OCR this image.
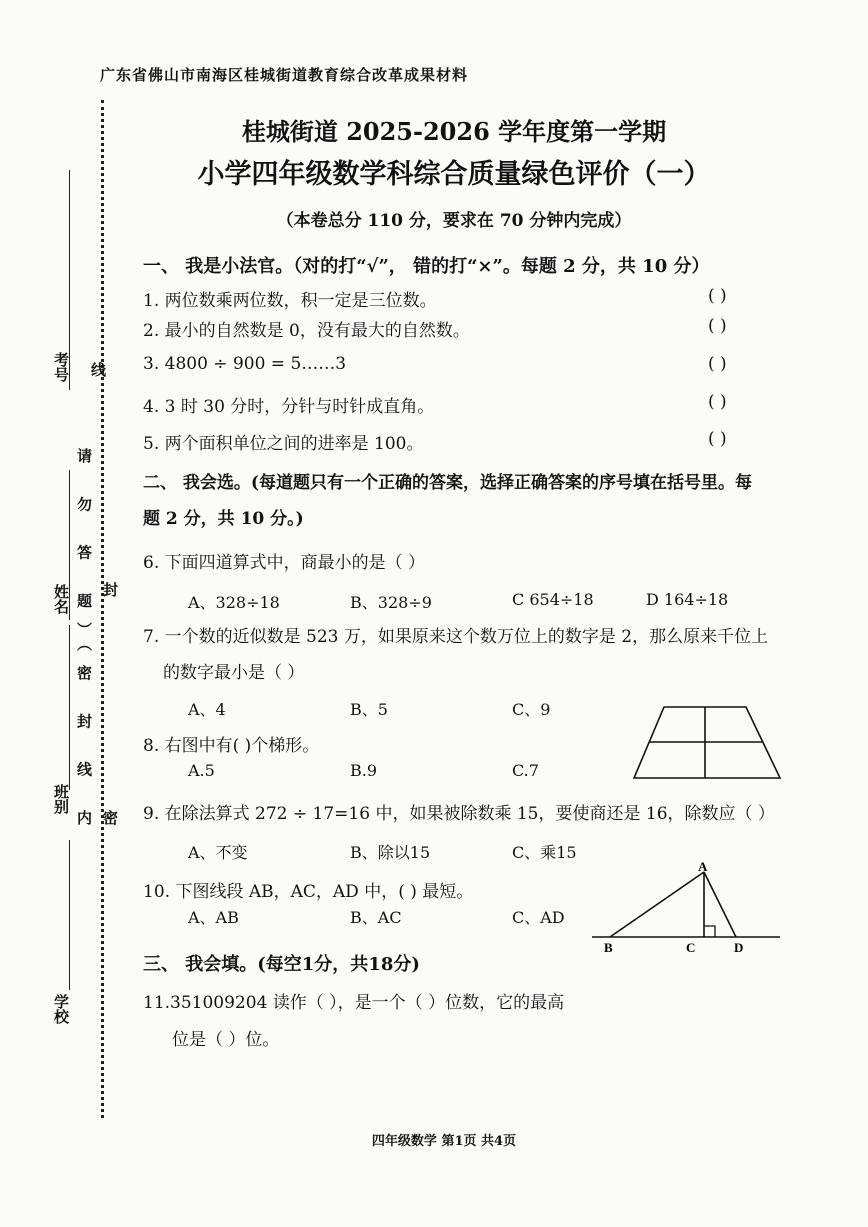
广东省佛山市南海区桂城街道教育综合改革成果材料
桂城街道 2025-2026 学年度第一学期
小学四年级数学科综合质量绿色评价（一）
（本卷总分 110 分，要求在 70 分钟内完成）
考号
姓名
班别
学校
线
封
密
请 勿 答 题）
（密 封 线 内
一、 我是小法官。（对的打“√”， 错的打“×”。每题 2 分，共 10 分）
1. 两位数乘两位数，积一定是三位数。	( )
2. 最小的自然数是 0，没有最大的自然数。	( )
3. 4800 ÷ 900 = 5……3	( )
4. 3 时 30 分时，分针与时针成直角。	( )
5. 两个面积单位之间的进率是 100。	( )
二、 我会选。(每道题只有一个正确的答案，选择正确答案的序号填在括号里。每
题 2 分，共 10 分。)
6. 下面四道算式中，商最小的是（ ）
A、328÷18	B、328÷9	C 654÷18	D 164÷18
7. 一个数的近似数是 523 万，如果原来这个数万位上的数字是 2，那么原来千位上
的数字最小是（ ）
A、4	B、5	C、9
8. 右图中有( )个梯形。
A.5	B.9	C.7
9. 在除法算式 272 ÷ 17=16 中，如果被除数乘 15，要使商还是 16，除数应（ ）
A、不变	B、除以15	C、乘15
10. 下图线段 AB，AC，AD 中，( ) 最短。
A、AB	B、AC	C、AD
A
B	C	D
三、 我会填。(每空1分，共18分)
11.351009204 读作（ ），是一个（ ）位数，它的最高
位是（ ）位。
四年级数学 第1页 共4页
